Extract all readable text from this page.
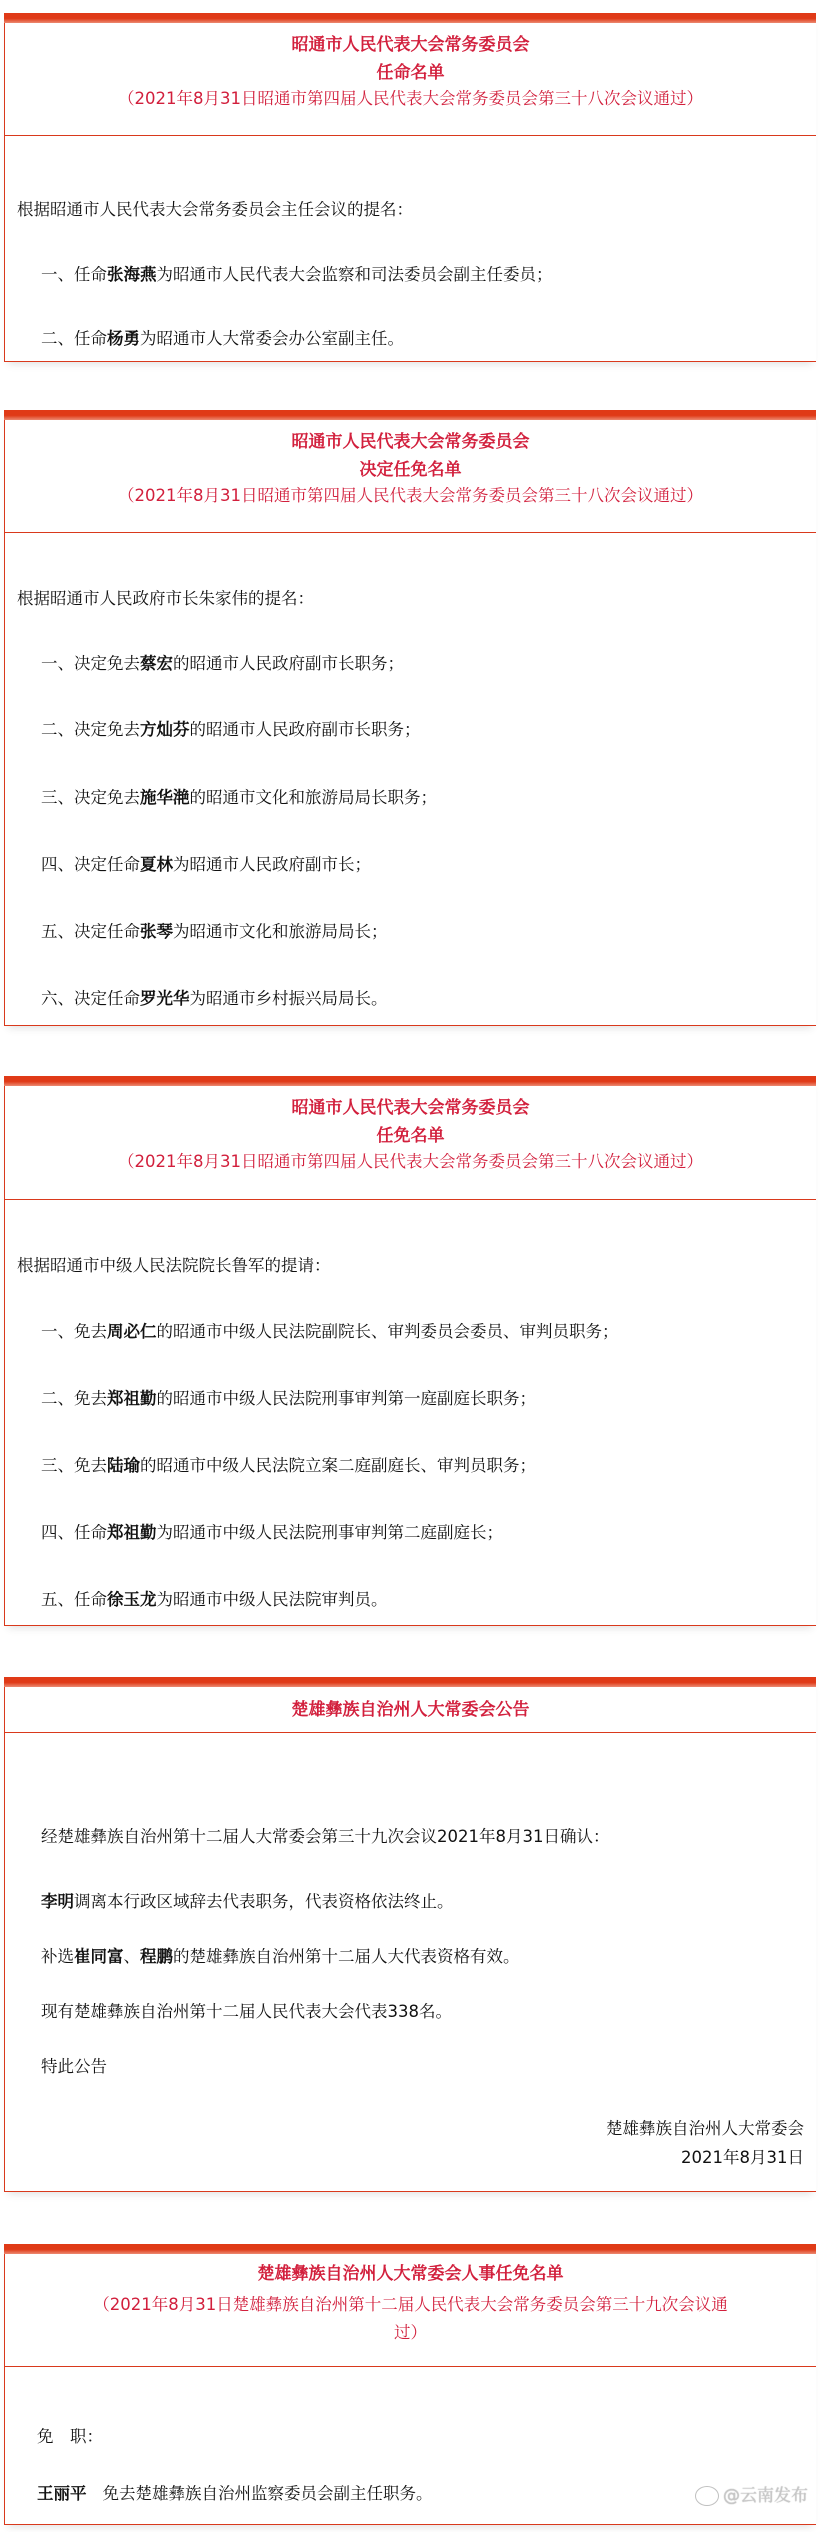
昭通市人民代表大会常务委员会
任命名单
（2021年8月31日昭通市第四届人民代表大会常务委员会第三十八次会议通过）
根据昭通市人民代表大会常务委员会主任会议的提名：
一、任命张海燕为昭通市人民代表大会监察和司法委员会副主任委员；
二、任命杨勇为昭通市人大常委会办公室副主任。
昭通市人民代表大会常务委员会
决定任免名单
（2021年8月31日昭通市第四届人民代表大会常务委员会第三十八次会议通过）
根据昭通市人民政府市长朱家伟的提名：
一、决定免去蔡宏的昭通市人民政府副市长职务；
二、决定免去方灿芬的昭通市人民政府副市长职务；
三、决定免去施华滟的昭通市文化和旅游局局长职务；
四、决定任命夏林为昭通市人民政府副市长；
五、决定任命张琴为昭通市文化和旅游局局长；
六、决定任命罗光华为昭通市乡村振兴局局长。
昭通市人民代表大会常务委员会
任免名单
（2021年8月31日昭通市第四届人民代表大会常务委员会第三十八次会议通过）
根据昭通市中级人民法院院长鲁军的提请：
一、免去周必仁的昭通市中级人民法院副院长、审判委员会委员、审判员职务；
二、免去郑祖勤的昭通市中级人民法院刑事审判第一庭副庭长职务；
三、免去陆瑜的昭通市中级人民法院立案二庭副庭长、审判员职务；
四、任命郑祖勤为昭通市中级人民法院刑事审判第二庭副庭长；
五、任命徐玉龙为昭通市中级人民法院审判员。
楚雄彝族自治州人大常委会公告
经楚雄彝族自治州第十二届人大常委会第三十九次会议2021年8月31日确认：
李明调离本行政区域辞去代表职务，代表资格依法终止。
补选崔同富、程鹏的楚雄彝族自治州第十二届人大代表资格有效。
现有楚雄彝族自治州第十二届人民代表大会代表338名。
特此公告
楚雄彝族自治州人大常委会
2021年8月31日
楚雄彝族自治州人大常委会人事任免名单
（2021年8月31日楚雄彝族自治州第十二届人民代表大会常务委员会第三十九次会议通
过）
免　职：
王丽平 免去楚雄彝族自治州监察委员会副主任职务。	@云南发布
